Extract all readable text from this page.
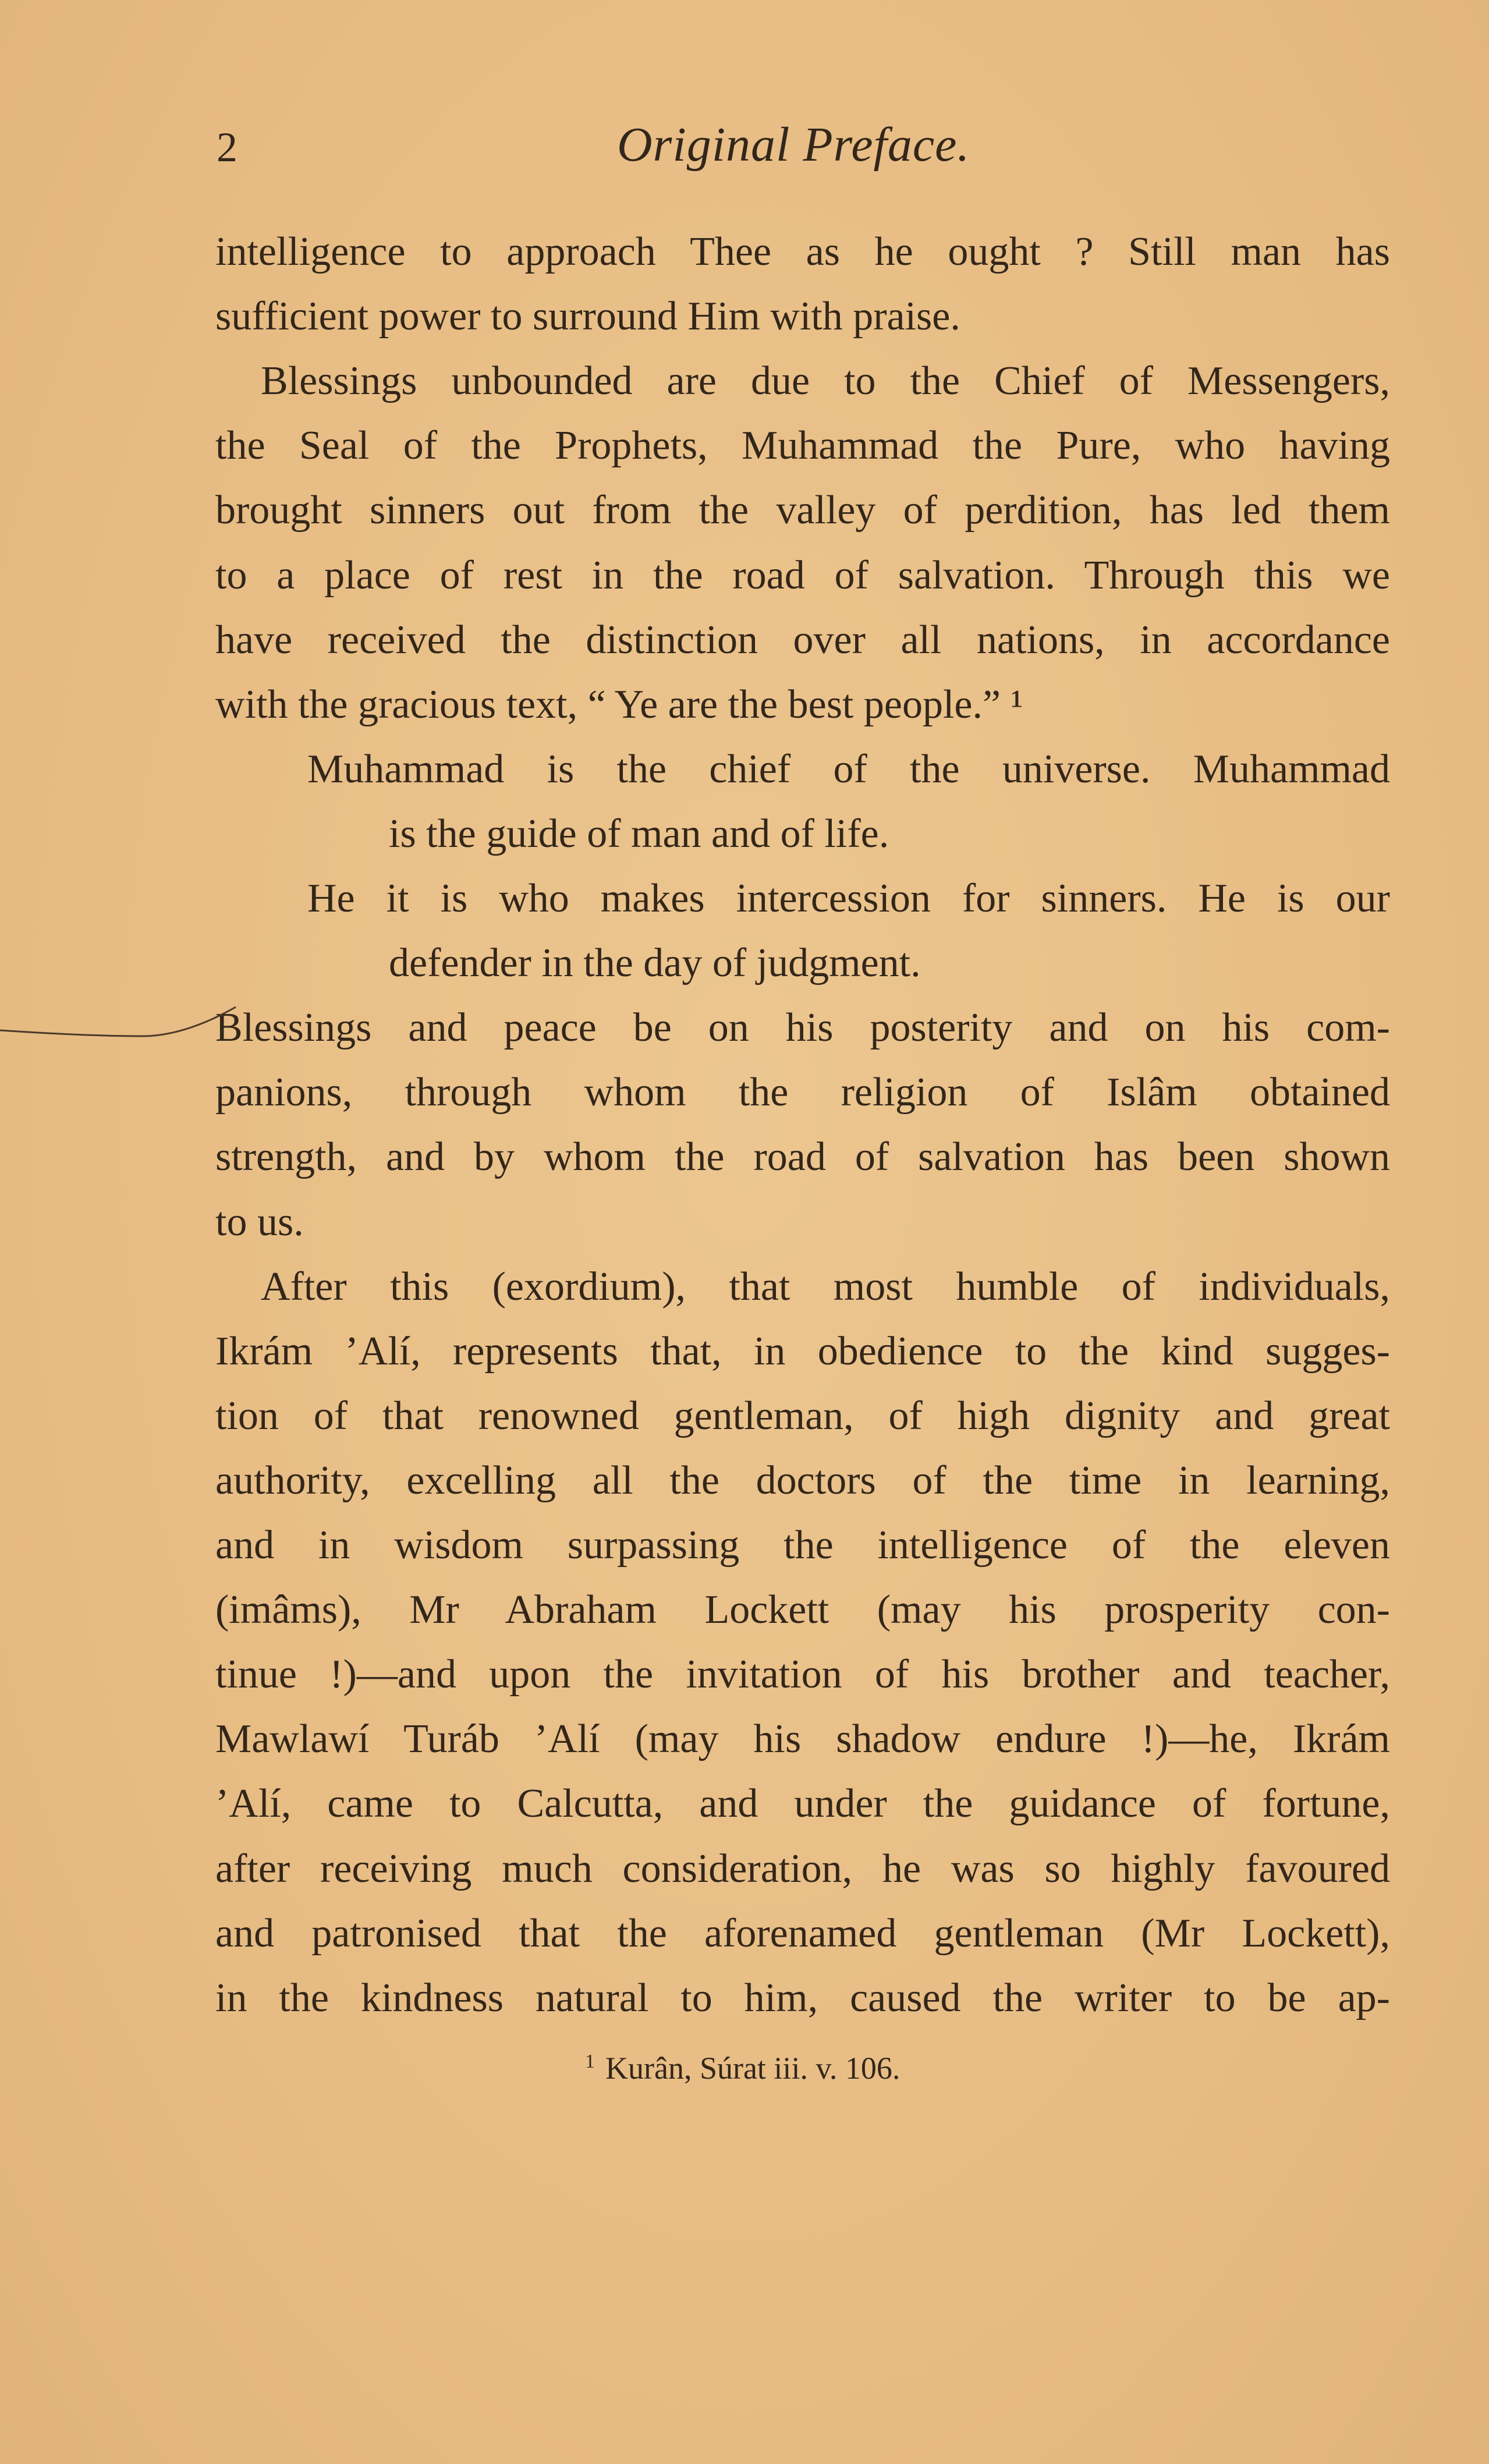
2	Original Preface.
intelligence to approach Thee as he ought ? Still man has
sufficient power to surround Him with praise.
Blessings unbounded are due to the Chief of Messengers,
the Seal of the Prophets, Muhammad the Pure, who having
brought sinners out from the valley of perdition, has led them
to a place of rest in the road of salvation. Through this we
have received the distinction over all nations, in accordance
with the gracious text, “ Ye are the best people.” ¹
Muhammad is the chief of the universe. Muhammad
is the guide of man and of life.
He it is who makes intercession for sinners. He is our
defender in the day of judgment.
Blessings and peace be on his posterity and on his com-
panions, through whom the religion of Islâm obtained
strength, and by whom the road of salvation has been shown
to us.
After this (exordium), that most humble of individuals,
Ikrám ’Alí, represents that, in obedience to the kind sugges-
tion of that renowned gentleman, of high dignity and great
authority, excelling all the doctors of the time in learning,
and in wisdom surpassing the intelligence of the eleven
(imâms), Mr Abraham Lockett (may his prosperity con-
tinue !)—and upon the invitation of his brother and teacher,
Mawlawí Turáb ’Alí (may his shadow endure !)—he, Ikrám
’Alí, came to Calcutta, and under the guidance of fortune,
after receiving much consideration, he was so highly favoured
and patronised that the aforenamed gentleman (Mr Lockett),
in the kindness natural to him, caused the writer to be ap-
$^1$ Kurân, Súrat iii. v. 106.
